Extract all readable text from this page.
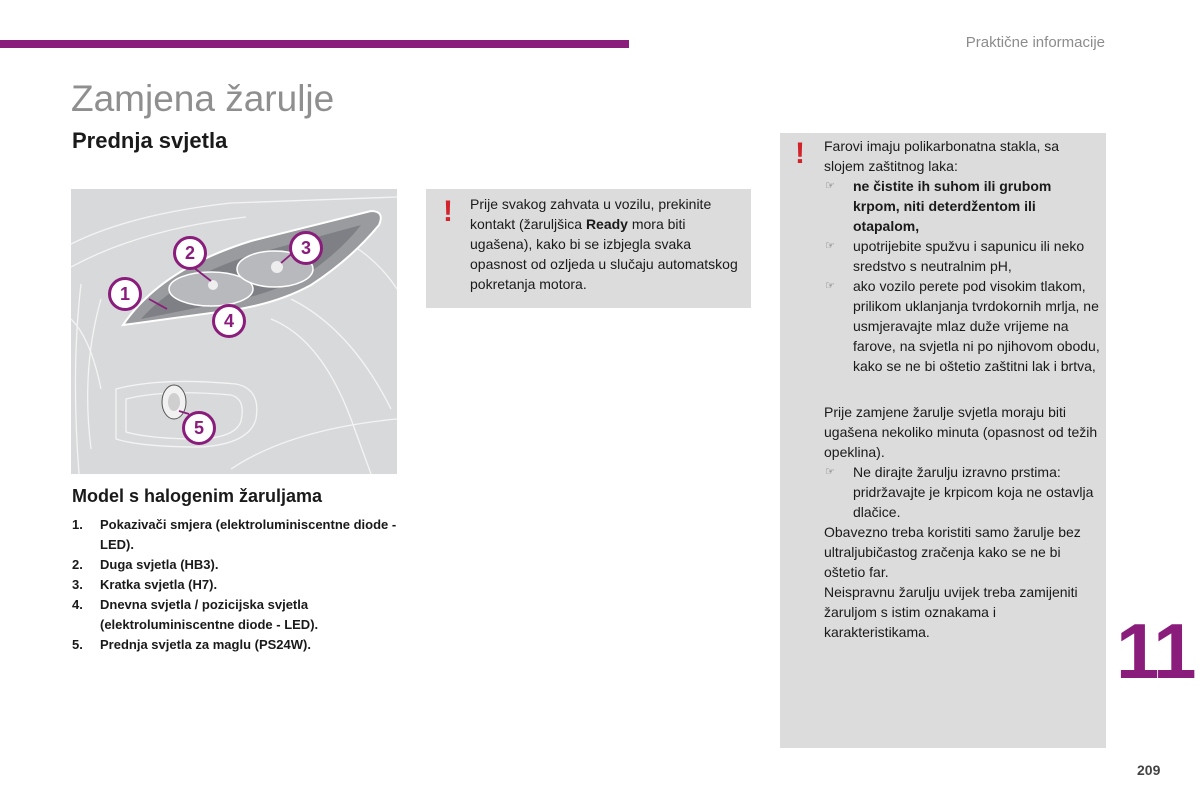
Praktične informacije
Zamjena žarulje
Prednja svjetla
1
2	3
4
5
Model s halogenim žaruljama
1.	Pokazivači smjera (elektroluminiscentne diode - LED).
2.	Duga svjetla (HB3).
3.	Kratka svjetla (H7).
4.	Dnevna svjetla / pozicijska svjetla (elektroluminiscentne diode - LED).
5.	Prednja svjetla za maglu (PS24W).
! Prije svakog zahvata u vozilu, prekinite kontakt (žaruljšica Ready mora biti ugašena), kako bi se izbjegla svaka opasnost od ozljeda u slučaju automatskog pokretanja motora.
! Farovi imaju polikarbonatna stakla, sa slojem zaštitnog laka:

☞	ne čistite ih suhom ili grubom krpom, niti deterdžentom ili otapalom,
☞	upotrijebite spužvu i sapunicu ili neko sredstvo s neutralnim pH,
☞	ako vozilo perete pod visokim tlakom, prilikom uklanjanja tvrdokornih mrlja, ne usmjeravajte mlaz duže vrijeme na farove, na svjetla ni po njihovom obodu, kako se ne bi oštetio zaštitni lak i brtva,

Prije zamjene žarulje svjetla moraju biti ugašena nekoliko minuta (opasnost od težih opeklina).

☞	Ne dirajte žarulju izravno prstima: pridržavajte je krpicom koja ne ostavlja dlačice.

Obavezno treba koristiti samo žarulje bez ultraljubičastog zračenja kako se ne bi oštetio far.

Neispravnu žarulju uvijek treba zamijeniti žaruljom s istim oznakama i karakteristikama.	11
209
